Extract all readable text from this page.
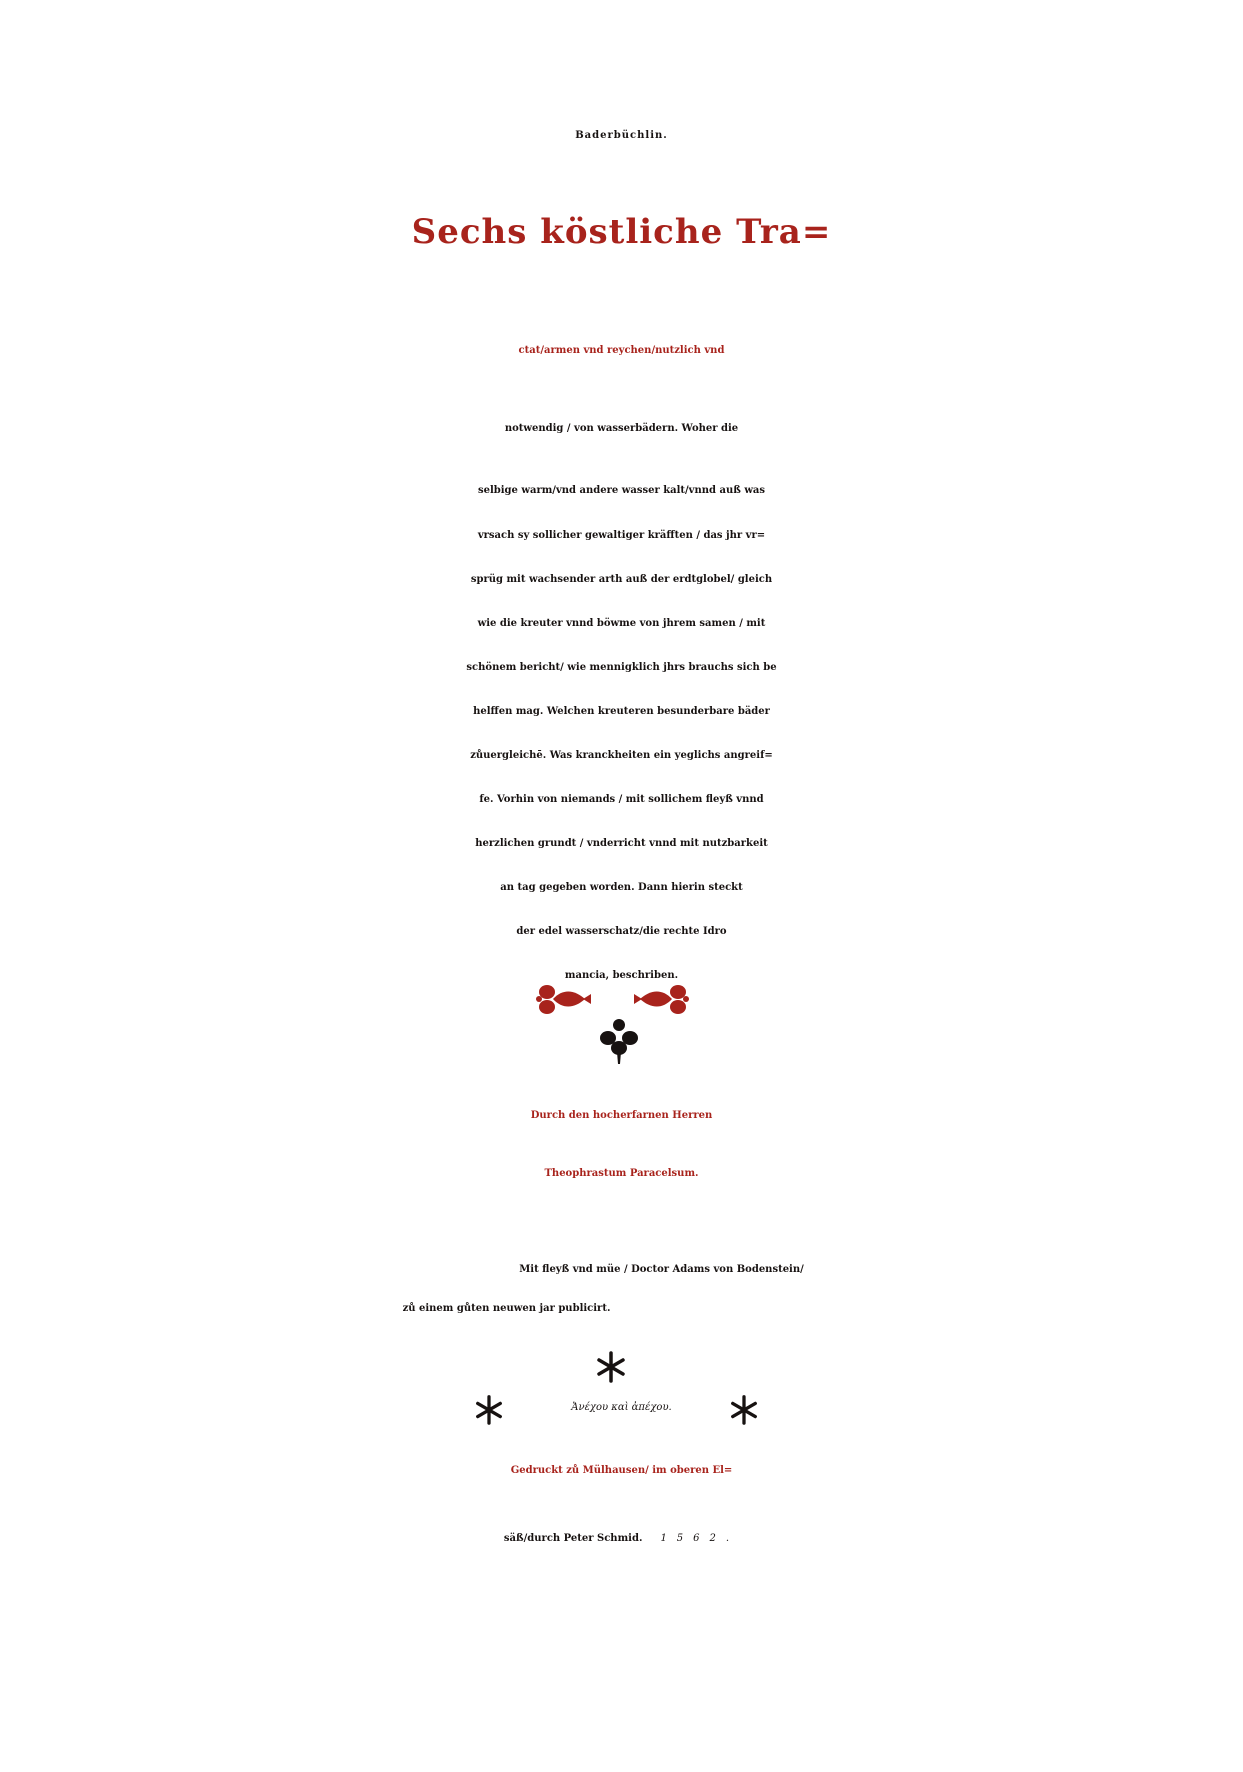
Baderbüchlin.
Sechs köstliche Tra=
ctat/armen vnd reychen/nutzlich vnd
notwendig / von wasserbädern. Woher die
selbige warm/vnd andere wasser kalt/vnnd auß was
vrsach sy sollicher gewaltiger kräfften / das jhr vr=
sprüg mit wachsender arth auß der erdtglobel/ gleich
wie die kreuter vnnd böwme von jhrem samen / mit
schönem bericht/ wie mennigklich jhrs brauchs sich be
helffen mag. Welchen kreuteren besunderbare bäder
zůuergleichē. Was kranckheiten ein yeglichs angreif=
fe. Vorhin von niemands / mit sollichem fleyß vnnd
herzlichen grundt / vnderricht vnnd mit nutzbarkeit
an tag gegeben worden. Dann hierin steckt
der edel wasserschatz/die rechte Idro
mancia, beschriben.
Durch den hocherfarnen Herren
Theophrastum Paracelsum.
Mit fleyß vnd müe / Doctor Adams von Bodenstein/
zů einem gůten neuwen jar publicirt.
Ἀνέχου καὶ ἀπέχου.
Gedruckt zů Mülhausen/ im oberen El=
säß/durch Peter Schmid. 1562.
